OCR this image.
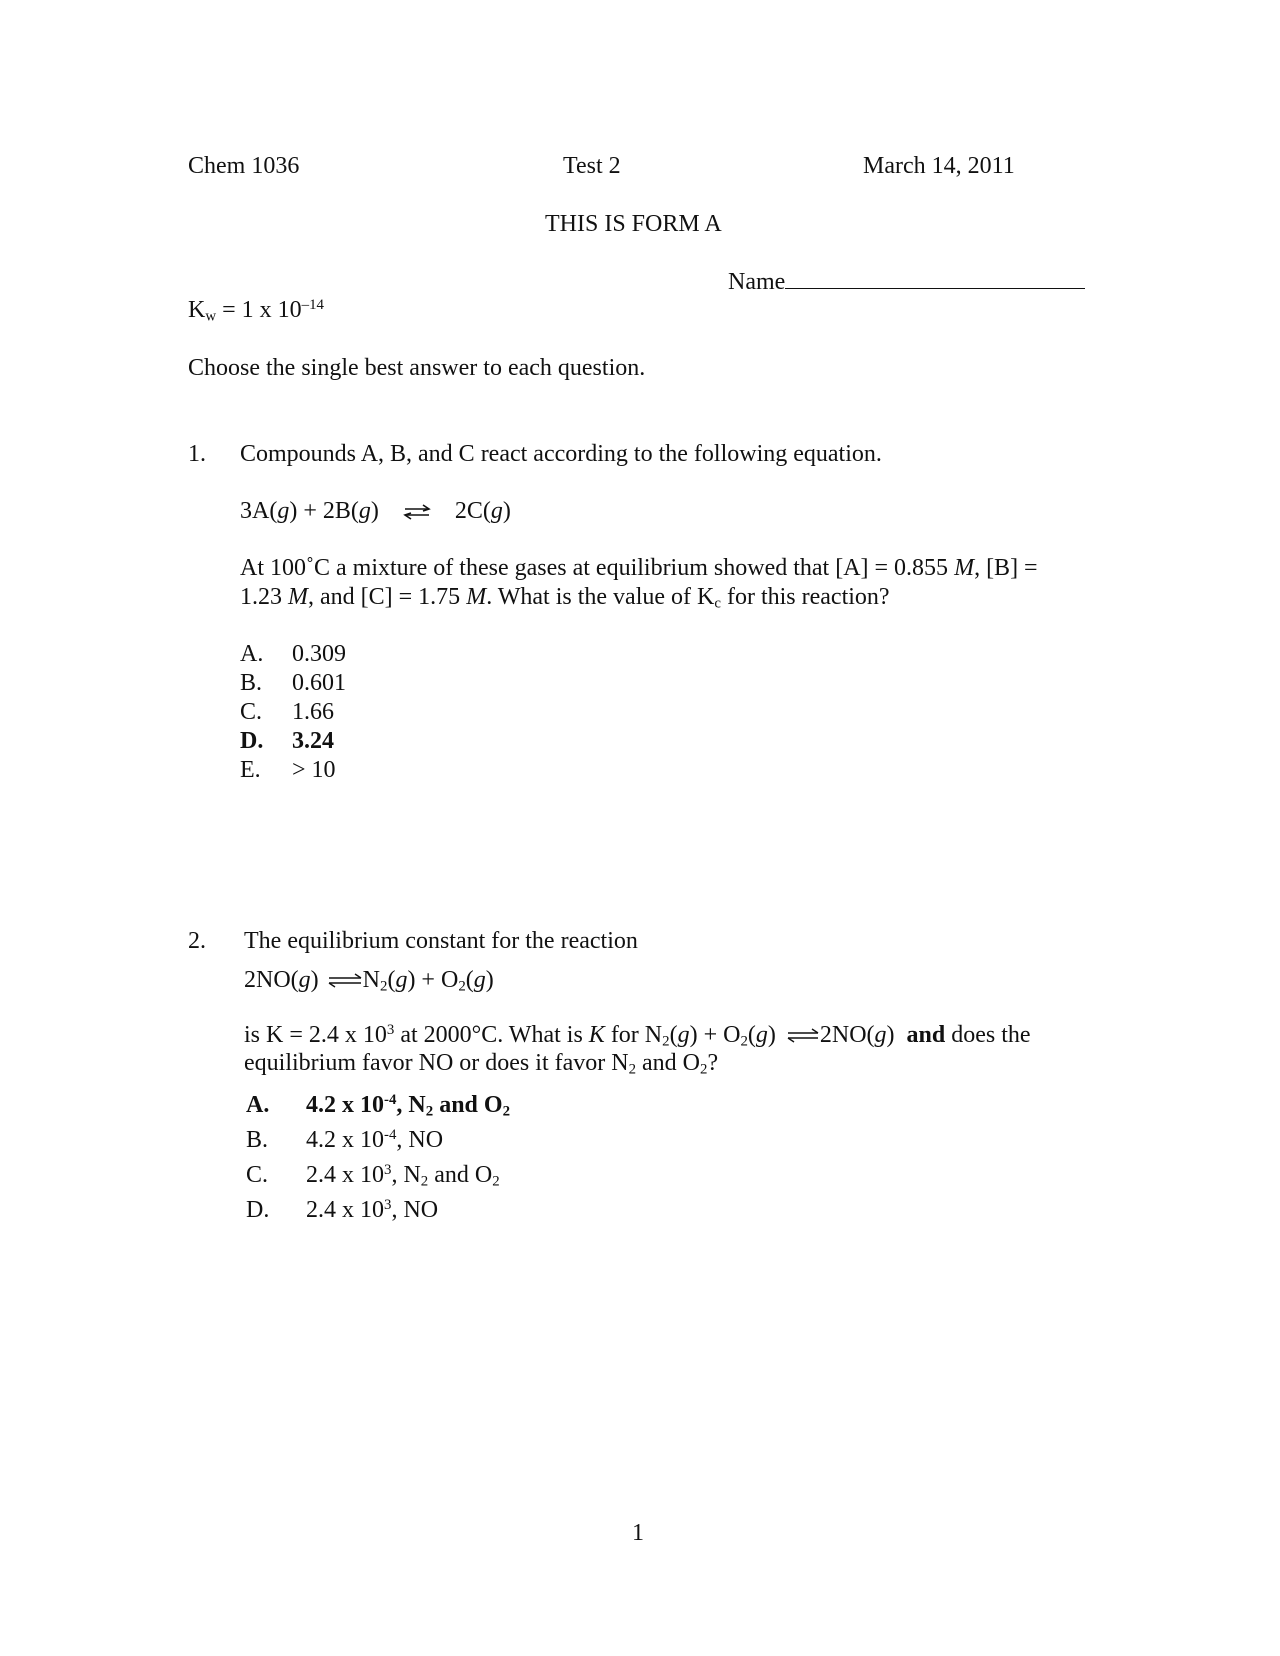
Chem 1036	Test 2	March 14, 2011
THIS IS FORM A
Name
$K_w = 1$ x $10^{-14}$
Choose the single best answer to each question.
1. Compounds A, B, and C react according to the following equation.
3A(g) + 2B(g) ⇌ 2C(g)
At 100˚C a mixture of these gases at equilibrium showed that [A] = 0.855 M, [B] =
1.23 M, and [C] = 1.75 M. What is the value of $K_c$ for this reaction?
A. 0.309
B. 0.601
C. 1.66
D. 3.24
E. > 10
2. The equilibrium constant for the reaction
2NO(g) $\rightleftharpoons N_2(g) + O_2(g)$
is K = 2.4 x $10^3$ at 2000°C. What is K for $N_2(g) + O_2(g)$ ⇌2NO(g) and does the
equilibrium favor NO or does it favor $N_2$ and $O_2$?
A. 4.2 x $10^{-4}$, $N_2$ and $O_2$
B. 4.2 x $10^{-4}$, NO
C. 2.4 x $10^3$, $N_2$ and $O_2$
D. 2.4 x $10^3$, NO
1
